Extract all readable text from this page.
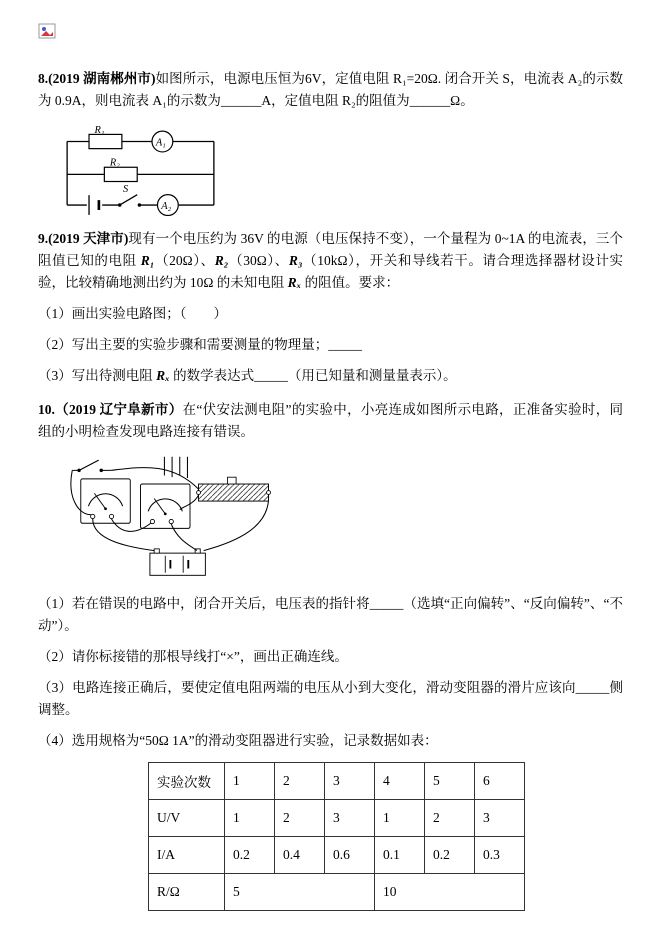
8.(2019 湖南郴州市)如图所示，电源电压恒为6V，定值电阻 R₁=20Ω. 闭合开关 S，电流表 A₂的示数为 0.9A，则电流表 A₁的示数为______A，定值电阻 R₂的阻值为______Ω。

R₁
A₁
R₂
S
A₂

9.(2019 天津市)现有一个电压约为 36V 的电源（电压保持不变），一个量程为 0~1A 的电流表，三个阻值已知的电阻 R₁（20Ω）、R₂（30Ω）、R₃（10kΩ），开关和导线若干。请合理选择器材设计实验，比较精确地测出约为 10Ω 的未知电阻 Rₓ 的阻值。要求：

（1）画出实验电路图；（　　）

（2）写出主要的实验步骤和需要测量的物理量；_____

（3）写出待测电阻 Rₓ 的数学表达式_____（用已知量和测量量表示）。

10.（2019 辽宁阜新市）在“伏安法测电阻”的实验中，小亮连成如图所示电路，正准备实验时，同组的小明检查发现电路连接有错误。

（1）若在错误的电路中，闭合开关后，电压表的指针将_____（选填“正向偏转”、“反向偏转”、“不动”）。

（2）请你标接错的那根导线打“×”，画出正确连线。

（3）电路连接正确后，要使定值电阻两端的电压从小到大变化，滑动变阻器的滑片应该向_____侧调整。

（4）选用规格为“50Ω 1A”的滑动变阻器进行实验，记录数据如表：

实验次数	1	2	3	4	5	6
U/V	1	2	3	1	2	3
I/A	0.2	0.4	0.6	0.1	0.2	0.3
R/Ω	5			10		
